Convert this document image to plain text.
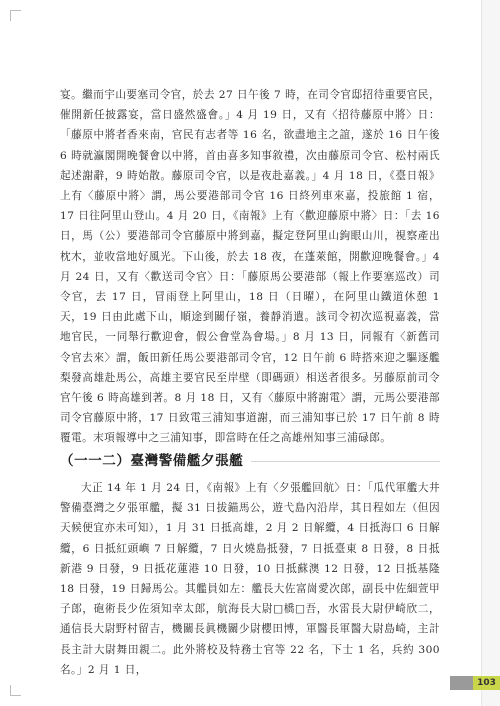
宴。繼而宇山要塞司令官，於去 27 日午後 7 時，在司令官邸招待重要官民，催開新任披露宴，當日盛然盛會。」4 月 19 日，又有〈招待藤原中將〉日：「藤原中將者香來南，官民有志者等 16 名，欲盡地主之誼，遂於 16 日午後 6 時就瀛閣開晚餐會以中將，首由喜多知事敘禮，次由藤原司令官、松村兩氏起述謝辭，9 時始散。藤原司令官，以是夜赴嘉義。」4 月 18 日，《臺日報》上有〈藤原中將〉謂，馬公要港部司令官 16 日終列車來嘉，投旅館 1 宿，17 日往阿里山登山。4 月 20 日，《南報》上有〈歡迎藤原中將〉日：「去 16 日，馬（公）要港部司令官藤原中將到嘉，擬定登阿里山鉤眼山川，視察產出枕木，並收當地好風光。下山後，於去 18 夜，在蓬萊館，開歡迎晚餐會。」4 月 24 日，又有〈歡送司令官〉日：「藤原馬公要港部（報上作要塞巡改）司令官，去 17 日，冒雨登上阿里山，18 日（日曜），在阿里山鐵道休憩 1 天，19 日由此處下山，順途到關仔嶺，養靜消遣。該司令初次巡視嘉義，當地官民，一同舉行歡迎會，假公會堂為會場。」8 月 13 日，同報有〈新舊司令官去來〉謂，飯田新任馬公要港部司令官，12 日午前 6 時搭來迎之驅逐艦梨發高雄赴馬公，高雄主要官民至岸壁（即碼頭）相送者很多。另藤原前司令官午後 6 時高雄到著。8 月 18 日，又有〈藤原中將謝電〉謂，元馬公要港部司令官藤原中將，17 日致電三浦知事道謝，而三浦知事已於 17 日午前 8 時覆電。末項報導中之三浦知事，即當時在任之高雄州知事三浦碌郎。

（一一二）臺灣警備艦夕張艦

大正 14 年 1 月 24 日，《南報》上有〈夕張艦回航〉日：「瓜代軍艦大井警備臺灣之夕張軍艦，擬 31 日拔錨馬公，遊弋島內沿岸，其日程如左（但因天候便宜亦未可知），1 月 31 日抵高雄，2 月 2 日解纜，4 日抵海口 6 日解纜，6 日抵紅頭嶼 7 日解纜，7 日火燒島抵發，7 日抵臺東 8 日發，8 日抵新港 9 日發，9 日抵花蓮港 10 日發，10 日抵蘇澳 12 日發，12 日抵基隆 18 日發，19 日歸馬公。其艦員如左：艦長大佐富崗愛次郎，副長中佐細萱甲子郎，砲術長少佐須知幸太郎，航海長大尉□橋□吾，水雷長大尉伊崎欣二，通信長大尉野村留吉，機關長眞機關少尉櫻田博，軍醫長軍醫大尉島崎，主計長主計大尉舞田親二。此外將校及特務士官等 22 名，下士 1 名，兵約 300 名。」2 月 1 日，

103
